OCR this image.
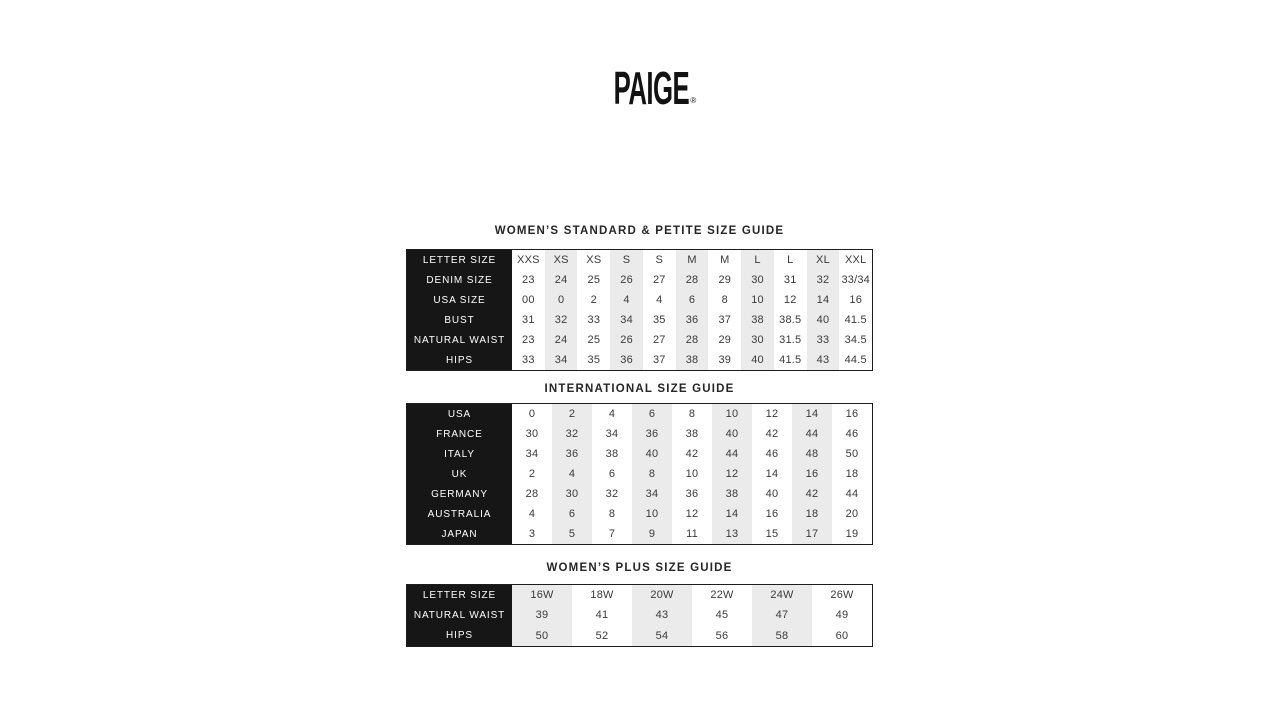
PAIGE ®
WOMEN’S STANDARD & PETITE SIZE GUIDE
LETTER SIZE	XXS	XS	XS	S	S	M	M	L	L	XL	XXL
DENIM SIZE	23	24	25	26	27	28	29	30	31	32	33/34
USA SIZE	00	0	2	4	4	6	8	10	12	14	16
BUST	31	32	33	34	35	36	37	38	38.5	40	41.5
NATURAL WAIST	23	24	25	26	27	28	29	30	31.5	33	34.5
HIPS	33	34	35	36	37	38	39	40	41.5	43	44.5
INTERNATIONAL SIZE GUIDE
USA	0	2	4	6	8	10	12	14	16
FRANCE	30	32	34	36	38	40	42	44	46
ITALY	34	36	38	40	42	44	46	48	50
UK	2	4	6	8	10	12	14	16	18
GERMANY	28	30	32	34	36	38	40	42	44
AUSTRALIA	4	6	8	10	12	14	16	18	20
JAPAN	3	5	7	9	11	13	15	17	19
WOMEN’S PLUS SIZE GUIDE
LETTER SIZE	16W	18W	20W	22W	24W	26W
NATURAL WAIST	39	41	43	45	47	49
HIPS	50	52	54	56	58	60
